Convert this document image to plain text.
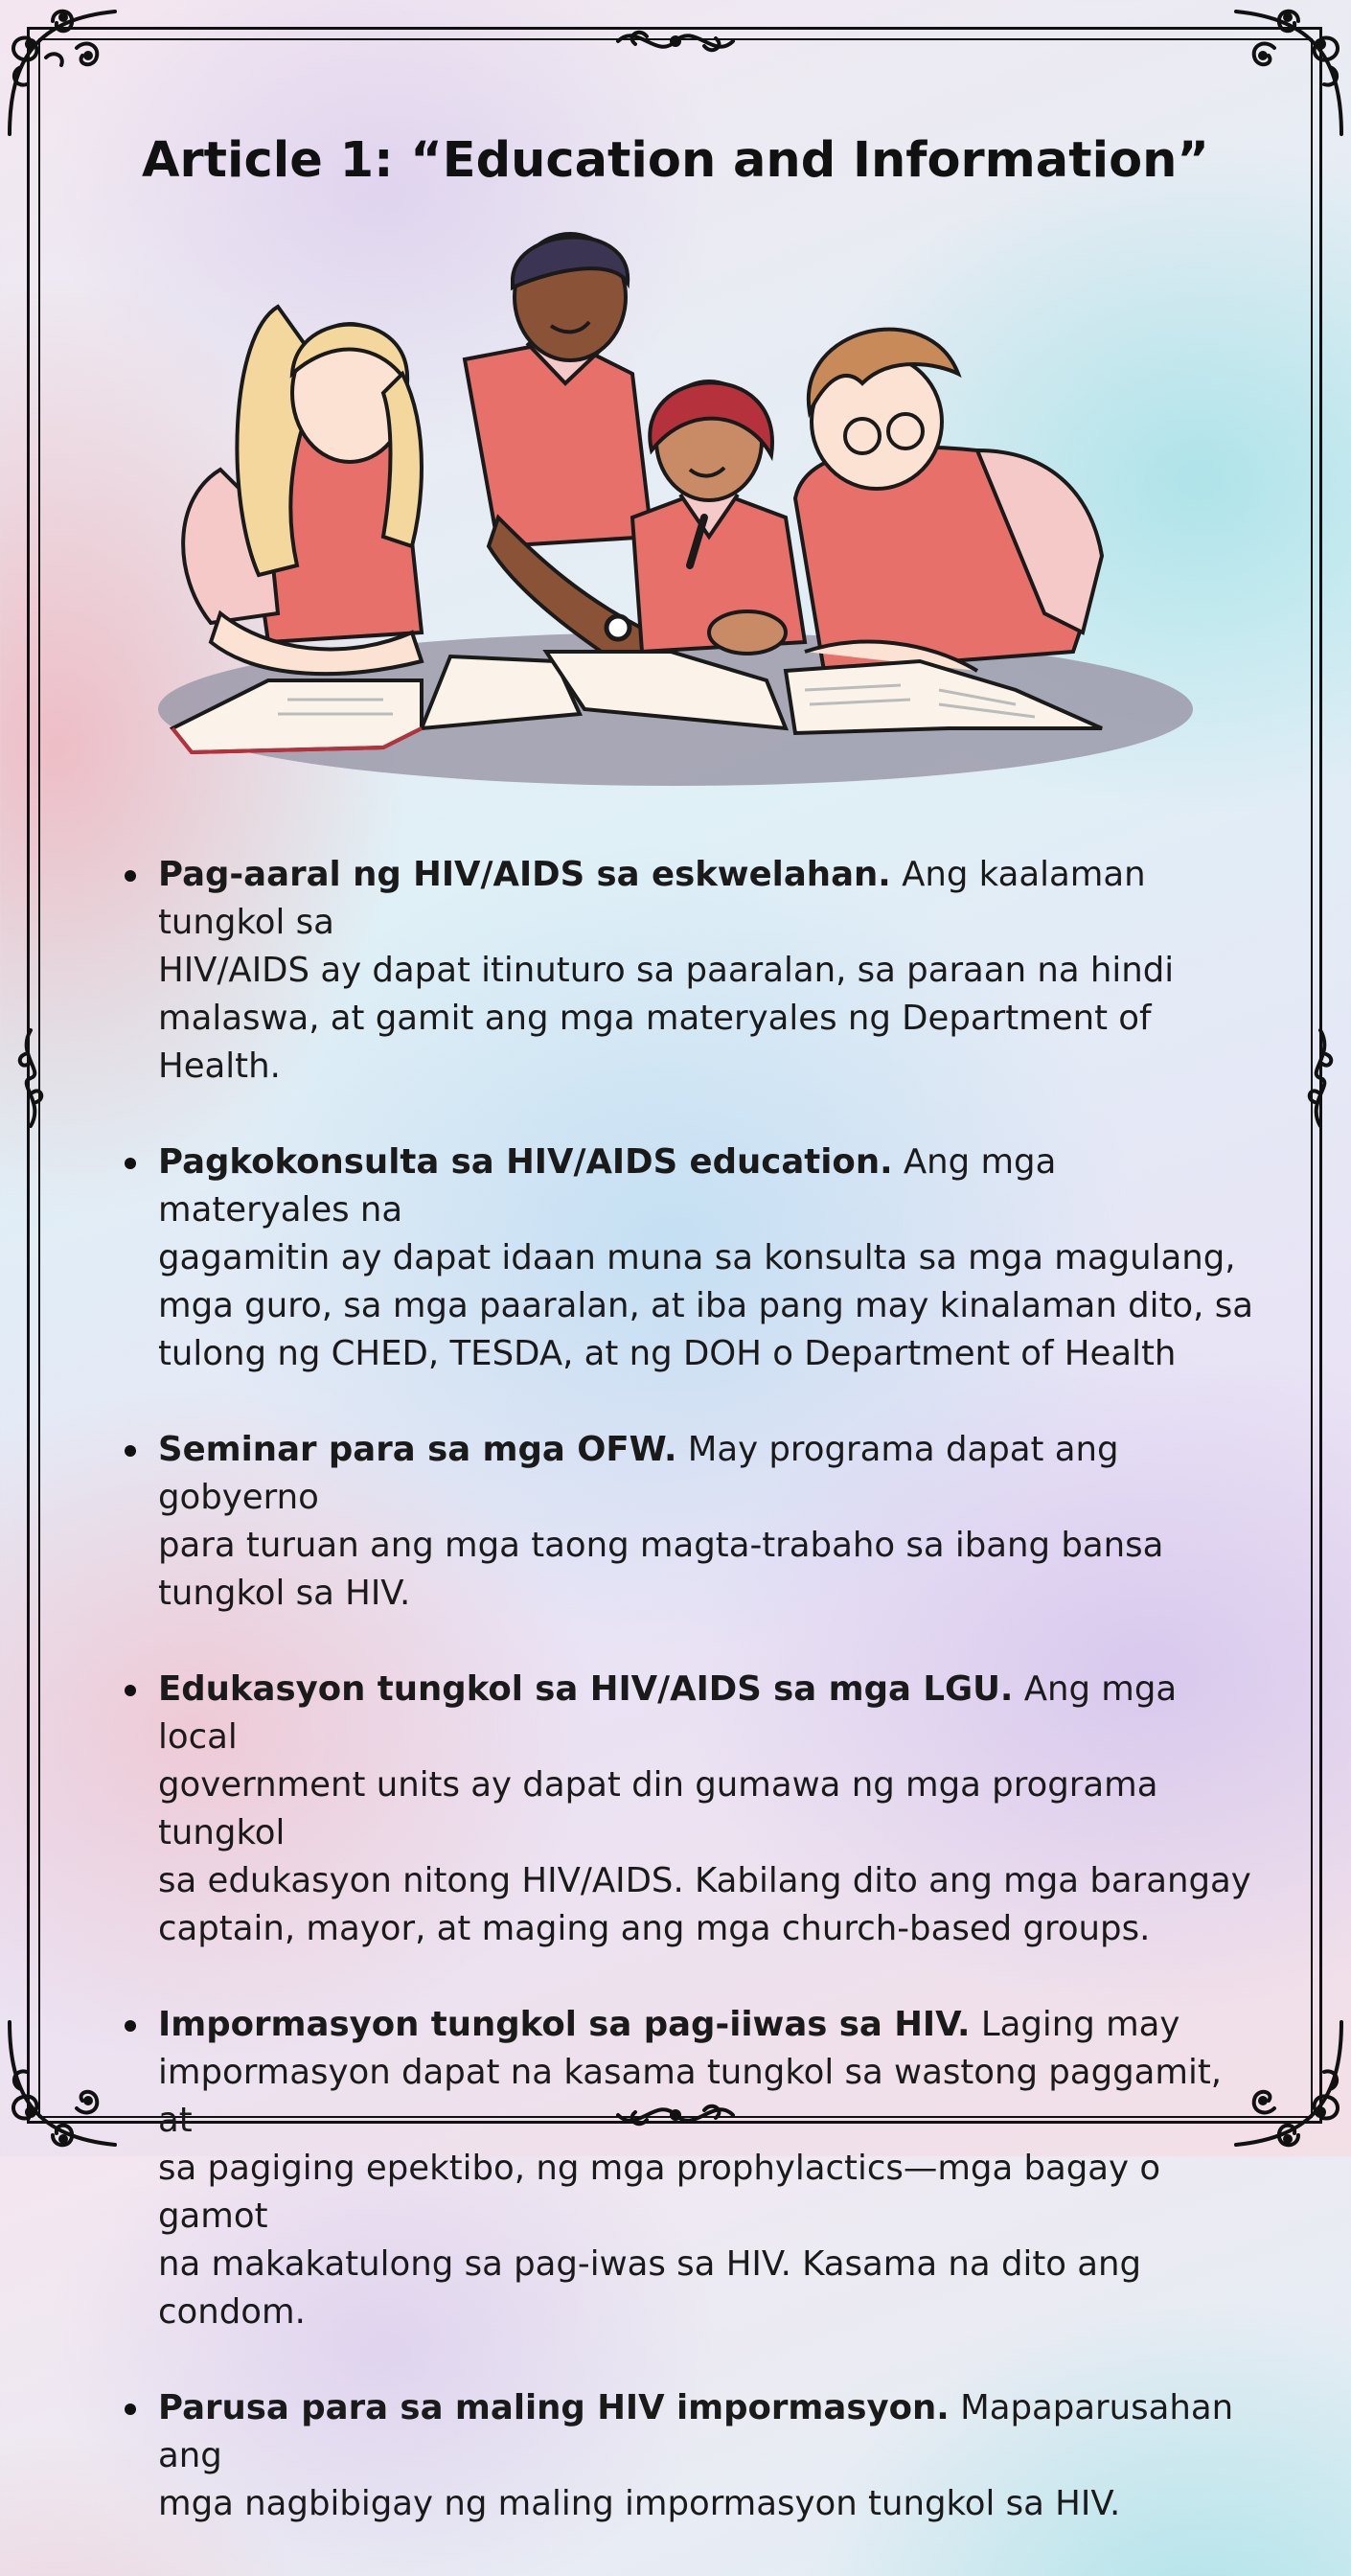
Article 1: “Education and Information”
Pag-aaral ng HIV/AIDS sa eskwelahan. Ang kaalaman tungkol sa
HIV/AIDS ay dapat itinuturo sa paaralan, sa paraan na hindi
malaswa, at gamit ang mga materyales ng Department of Health.
Pagkokonsulta sa HIV/AIDS education. Ang mga materyales na
gagamitin ay dapat idaan muna sa konsulta sa mga magulang,
mga guro, sa mga paaralan, at iba pang may kinalaman dito, sa
tulong ng CHED, TESDA, at ng DOH o Department of Health
Seminar para sa mga OFW. May programa dapat ang gobyerno
para turuan ang mga taong magta-trabaho sa ibang bansa
tungkol sa HIV.
Edukasyon tungkol sa HIV/AIDS sa mga LGU. Ang mga local
government units ay dapat din gumawa ng mga programa tungkol
sa edukasyon nitong HIV/AIDS. Kabilang dito ang mga barangay
captain, mayor, at maging ang mga church-based groups.
Impormasyon tungkol sa pag-iiwas sa HIV. Laging may
impormasyon dapat na kasama tungkol sa wastong paggamit, at
sa pagiging epektibo, ng mga prophylactics—mga bagay o gamot
na makakatulong sa pag-iwas sa HIV. Kasama na dito ang condom.
Parusa para sa maling HIV impormasyon. Mapaparusahan ang
mga nagbibigay ng maling impormasyon tungkol sa HIV.
